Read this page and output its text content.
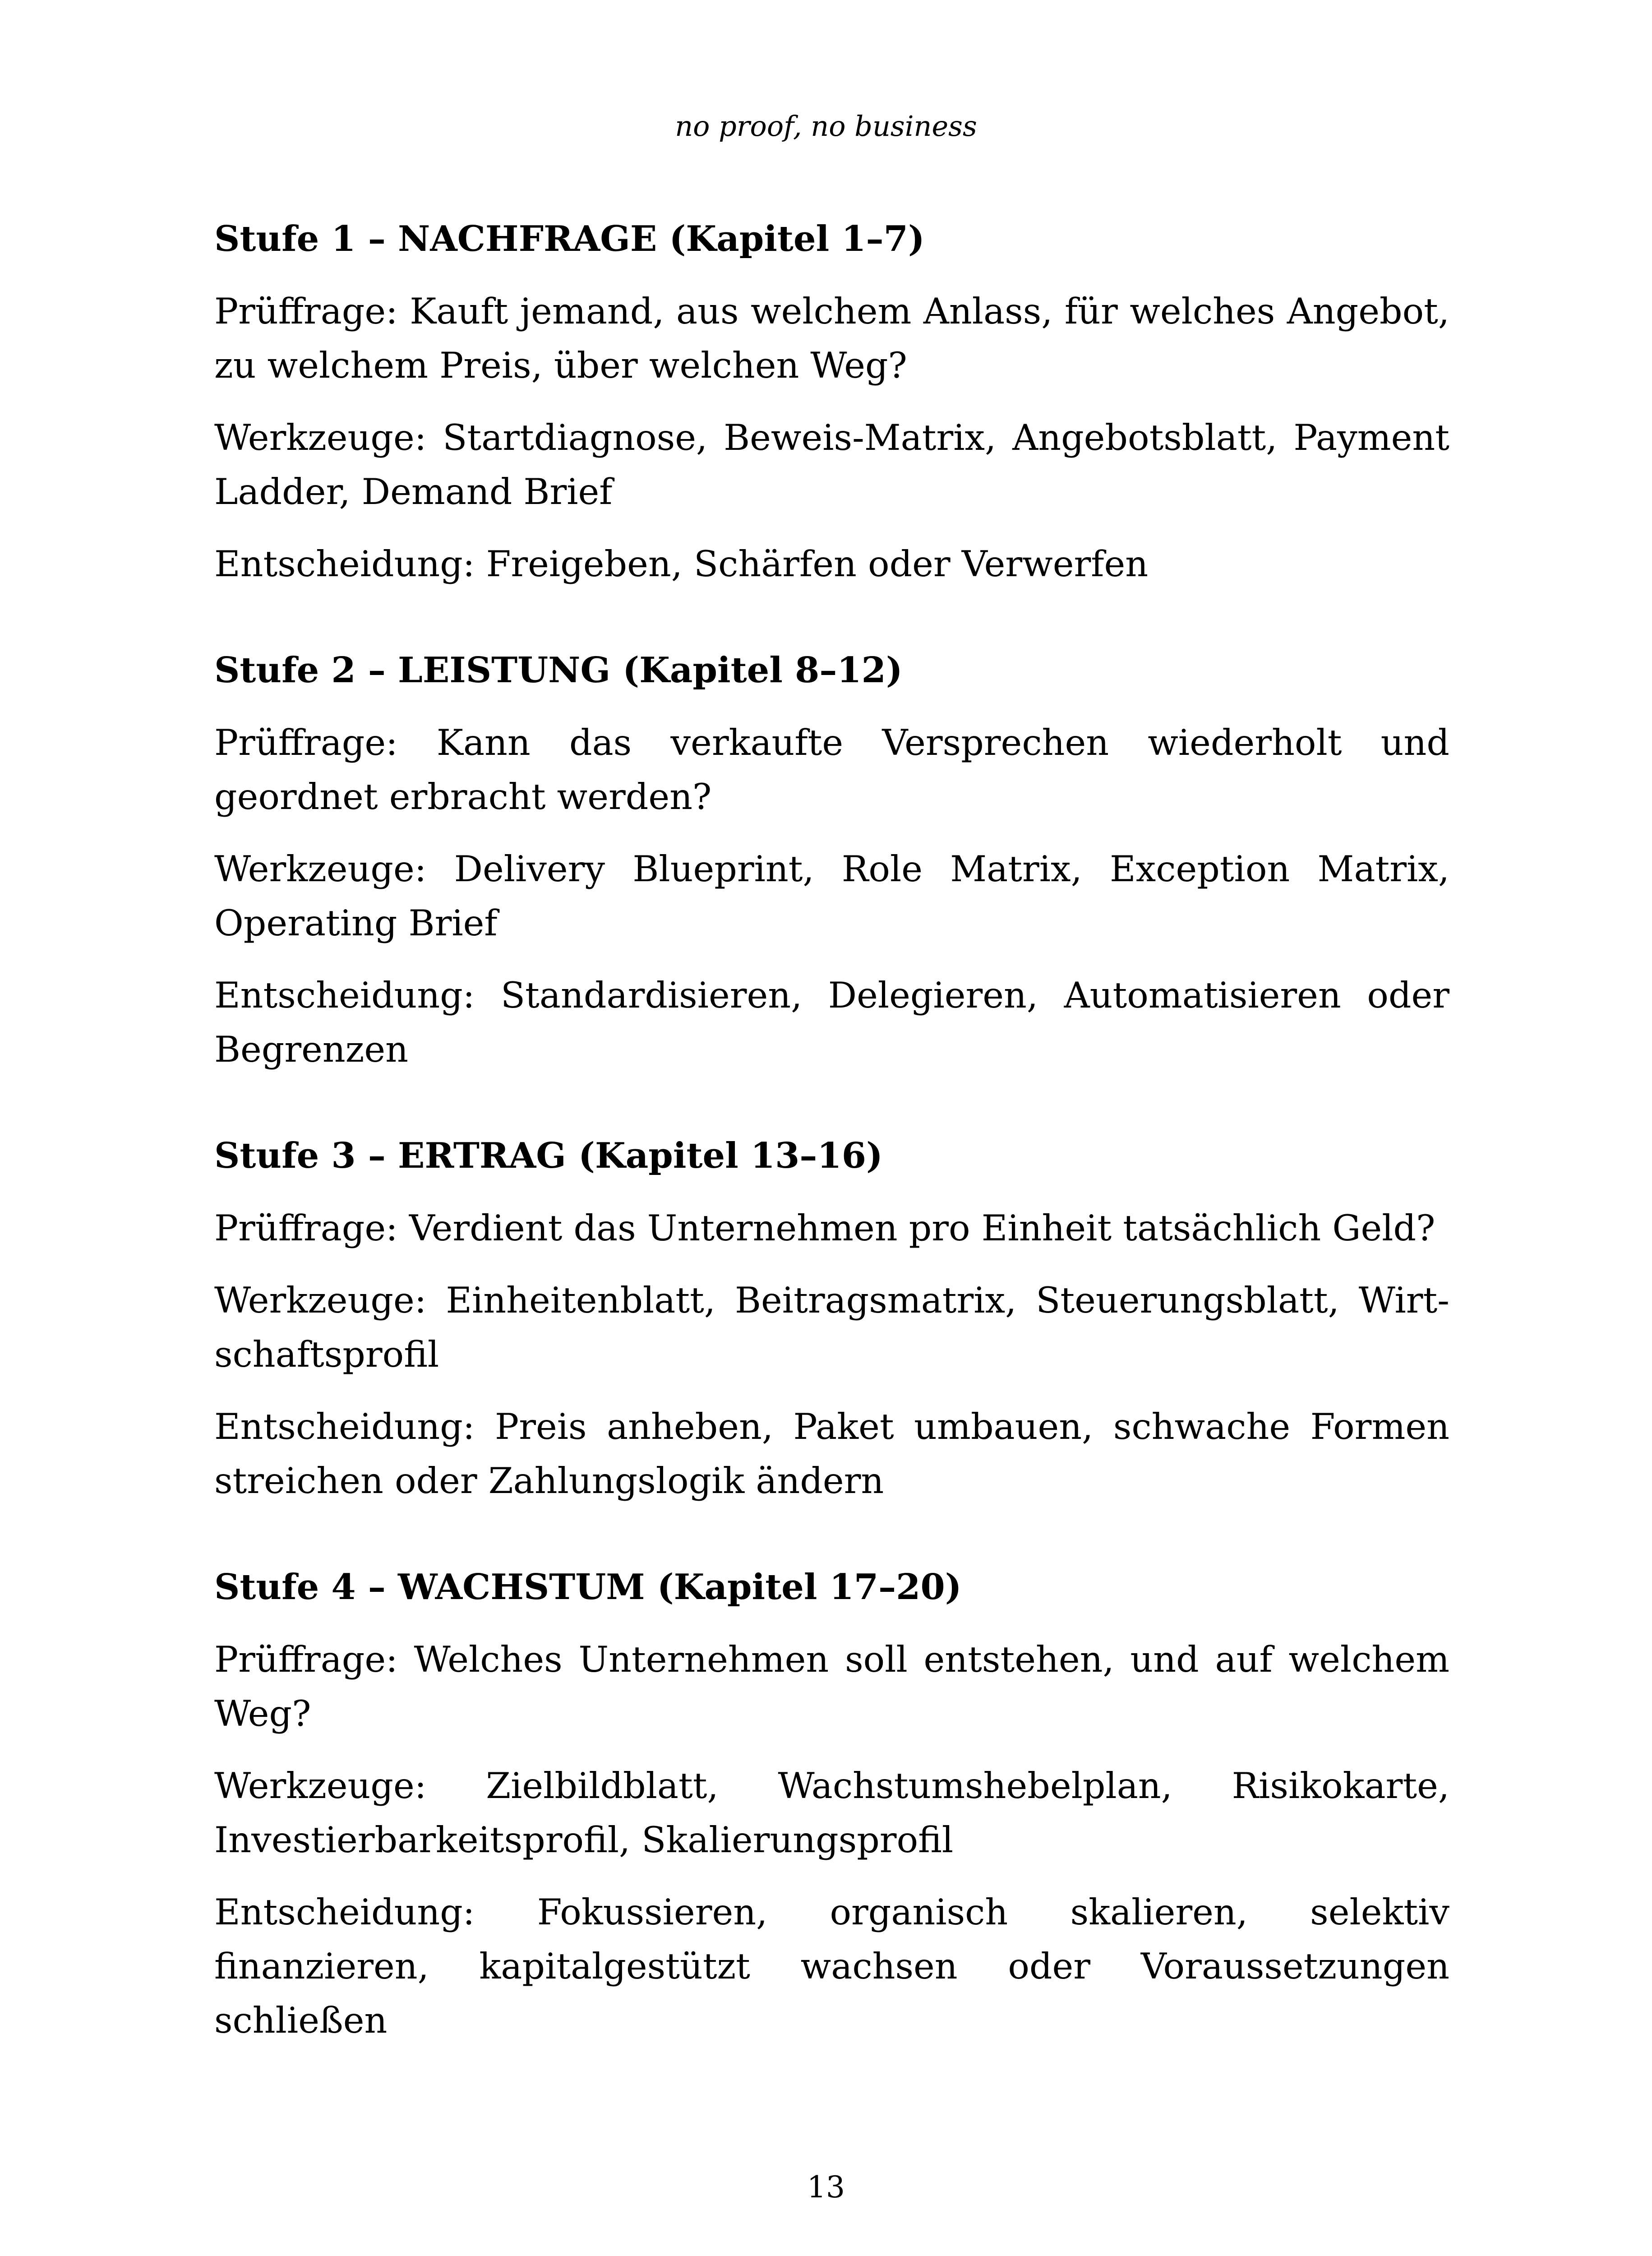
no proof, no business
Stufe 1 – NACHFRAGE (Kapitel 1–7)
Prüffrage: Kauft jemand, aus welchem Anlass, für welches Angebot, zu welchem Preis, über welchen Weg?
Werkzeuge: Startdiagnose, Beweis-Matrix, Angebotsblatt, Payment Ladder, Demand Brief
Entscheidung: Freigeben, Schärfen oder Verwerfen
Stufe 2 – LEISTUNG (Kapitel 8–12)
Prüffrage: Kann das verkaufte Versprechen wiederholt und geordnet erbracht werden?
Werkzeuge: Delivery Blueprint, Role Matrix, Exception Matrix, Operating Brief
Entscheidung: Standardisieren, Delegieren, Automatisieren oder Begrenzen
Stufe 3 – ERTRAG (Kapitel 13–16)
Prüffrage: Verdient das Unternehmen pro Einheit tatsächlich Geld?
Werkzeuge: Einheitenblatt, Beitragsmatrix, Steuerungsblatt, Wirtschaftsprofil
Entscheidung: Preis anheben, Paket umbauen, schwache Formen streichen oder Zahlungslogik ändern
Stufe 4 – WACHSTUM (Kapitel 17–20)
Prüffrage: Welches Unternehmen soll entstehen, und auf welchem Weg?
Werkzeuge: Zielbildblatt, Wachstumshebelplan, Risikokarte, Investierbarkeitsprofil, Skalierungsprofil
Entscheidung: Fokussieren, organisch skalieren, selektiv finanzieren, kapitalgestützt wachsen oder Voraussetzungen schließen
13
